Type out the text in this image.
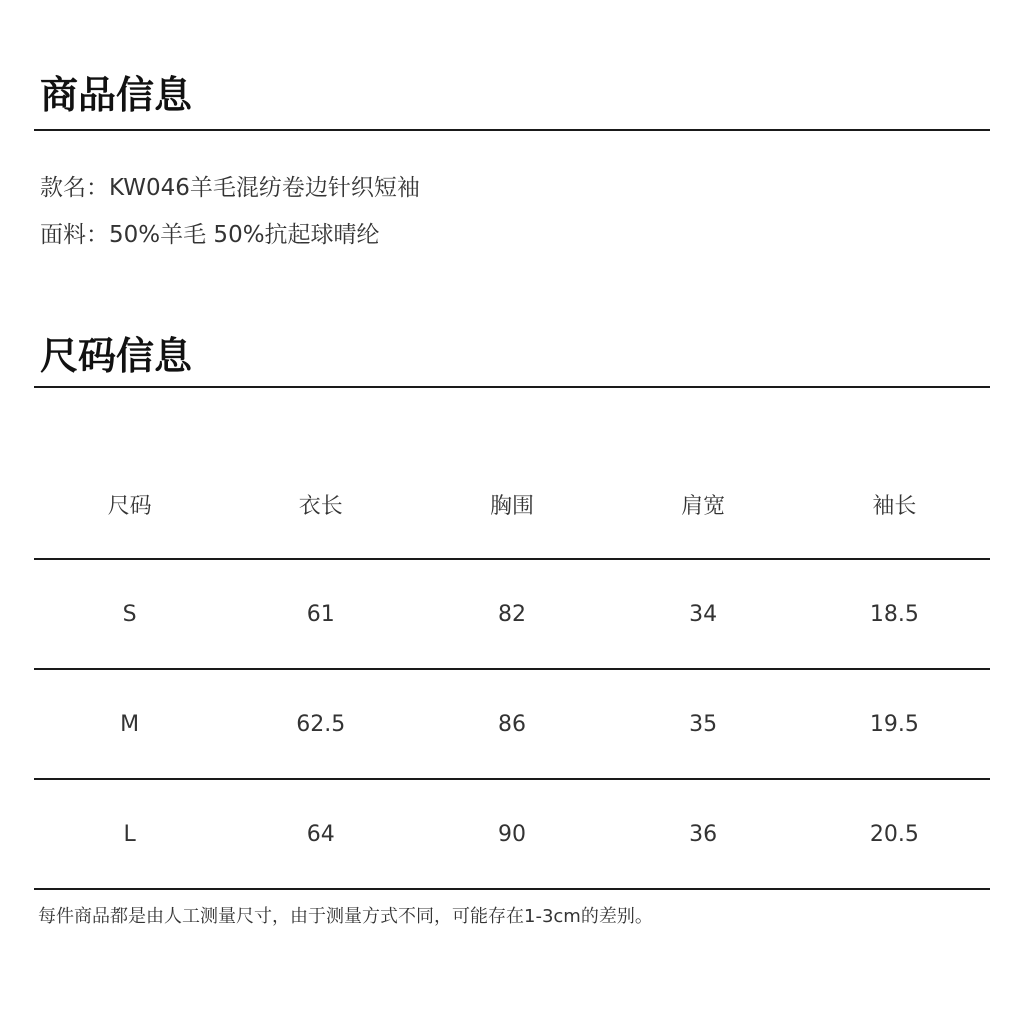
商品信息
款名：KW046羊毛混纺卷边针织短袖
面料：50%羊毛 50%抗起球晴纶
尺码信息
尺码	衣长	胸围	肩宽	袖长
S	61	82	34	18.5
M	62.5	86	35	19.5
L	64	90	36	20.5
每件商品都是由人工测量尺寸，由于测量方式不同，可能存在1-3cm的差别。
